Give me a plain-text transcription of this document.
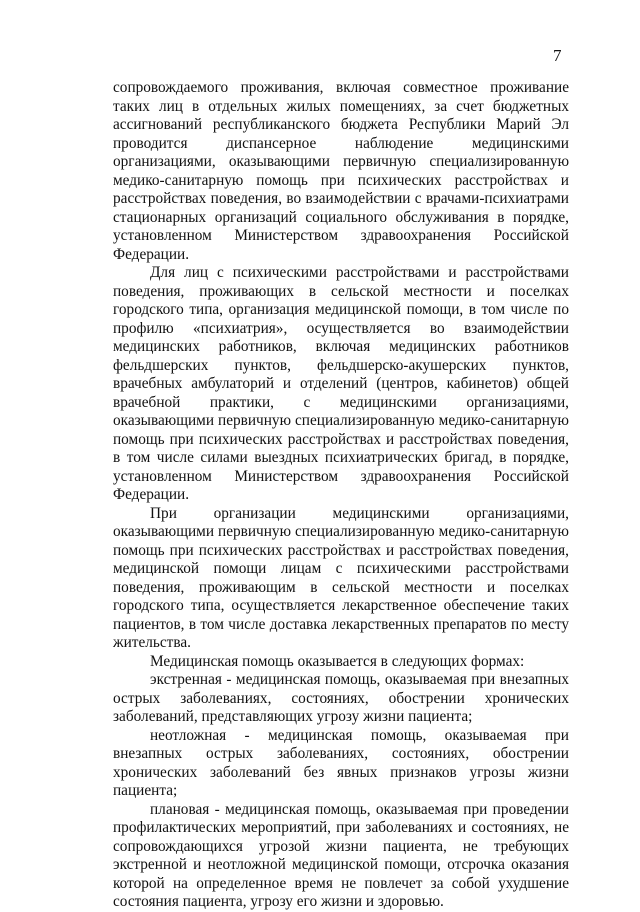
7

сопровождаемого проживания, включая совместное проживание таких лиц в отдельных жилых помещениях, за счет бюджетных ассигнований республиканского бюджета Республики Марий Эл проводится диспансерное наблюдение медицинскими организациями, оказывающими первичную специализированную медико-санитарную помощь при психических расстройствах и расстройствах поведения, во взаимодействии с врачами-психиатрами стационарных организаций социального обслуживания в порядке, установленном Министерством здравоохранения Российской Федерации.

Для лиц с психическими расстройствами и расстройствами поведения, проживающих в сельской местности и поселках городского типа, организация медицинской помощи, в том числе по профилю «психиатрия», осуществляется во взаимодействии медицинских работников, включая медицинских работников фельдшерских пунктов, фельдшерско-акушерских пунктов, врачебных амбулаторий и отделений (центров, кабинетов) общей врачебной практики, с медицинскими организациями, оказывающими первичную специализированную медико-санитарную помощь при психических расстройствах и расстройствах поведения, в том числе силами выездных психиатрических бригад, в порядке, установленном Министерством здравоохранения Российской Федерации.

При организации медицинскими организациями, оказывающими первичную специализированную медико-санитарную помощь при психических расстройствах и расстройствах поведения, медицинской помощи лицам с психическими расстройствами поведения, проживающим в сельской местности и поселках городского типа, осуществляется лекарственное обеспечение таких пациентов, в том числе доставка лекарственных препаратов по месту жительства.

Медицинская помощь оказывается в следующих формах:

экстренная - медицинская помощь, оказываемая при внезапных острых заболеваниях, состояниях, обострении хронических заболеваний, представляющих угрозу жизни пациента;

неотложная - медицинская помощь, оказываемая при внезапных острых заболеваниях, состояниях, обострении хронических заболеваний без явных признаков угрозы жизни пациента;

плановая - медицинская помощь, оказываемая при проведении профилактических мероприятий, при заболеваниях и состояниях, не сопровождающихся угрозой жизни пациента, не требующих экстренной и неотложной медицинской помощи, отсрочка оказания которой на определенное время не повлечет за собой ухудшение состояния пациента, угрозу его жизни и здоровью.
